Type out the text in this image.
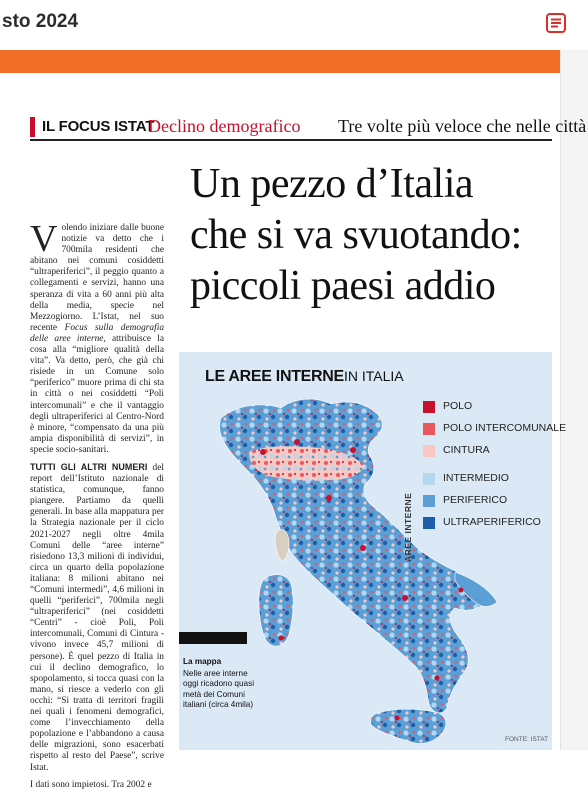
sto 2024
IL FOCUS ISTAT
Declino demografico Tre volte più veloce che nelle città
Un pezzo d’Italia
che si va svuotando:
piccoli paesi addio

Volendo iniziare dalle buone notizie va detto che i 700mila residenti che abitano nei comuni cosiddetti “ultraperiferici”, il peggio quanto a collegamenti e servizi, hanno una speranza di vita a 60 anni più alta della media, specie nel Mezzogiorno. L’Istat, nel suo recente Focus sulla demografia delle aree interne, attribuisce la cosa alla “migliore qualità della vita”. Va detto, però, che già chi risiede in un Comune solo “periferico” muore prima di chi sta in città o nei cosiddetti “Poli intercomunali” e che il vantaggio degli ultraperiferici al Centro-Nord è minore, “compensato da una più ampia disponibilità di servizi”, in specie socio-sanitari.

TUTTI GLI ALTRI NUMERI del report dell’Istituto nazionale di statistica, comunque, fanno piangere. Partiamo da quelli generali. In base alla mappatura per la Strategia nazionale per il ciclo 2021-2027 negli oltre 4mila Comuni delle “aree interne” risiedono 13,3 milioni di individui, circa un quarto della popolazione italiana: 8 milioni abitano nei “Comuni intermedi”, 4,6 milioni in quelli “periferici”, 700mila negli “ultraperiferici” (nei cosiddetti “Centri” - cioè Poli, Poli intercomunali, Comuni di Cintura - vivono invece 45,7 milioni di persone). È quel pezzo di Italia in cui il declino demografico, lo spopolamento, si tocca quasi con la mano, si riesce a vederlo con gli occhi: “Si tratta di territori fragili nei quali i fenomeni demografici, come l’invecchiamento della popolazione e l’abbandono a causa delle migrazioni, sono esacerbati rispetto al resto del Paese”, scrive Istat.

I dati sono impietosi. Tra 2002 e

LE AREE INTERNEIN ITALIA
AREE INTERNE
POLO
POLO INTERCOMUNALE
CINTURA
INTERMEDIO
PERIFERICO
ULTRAPERIFERICO
La mappa
Nelle aree interne oggi ricadono quasi metà dei Comuni italiani (circa 4mila)
FONTE: ISTAT
